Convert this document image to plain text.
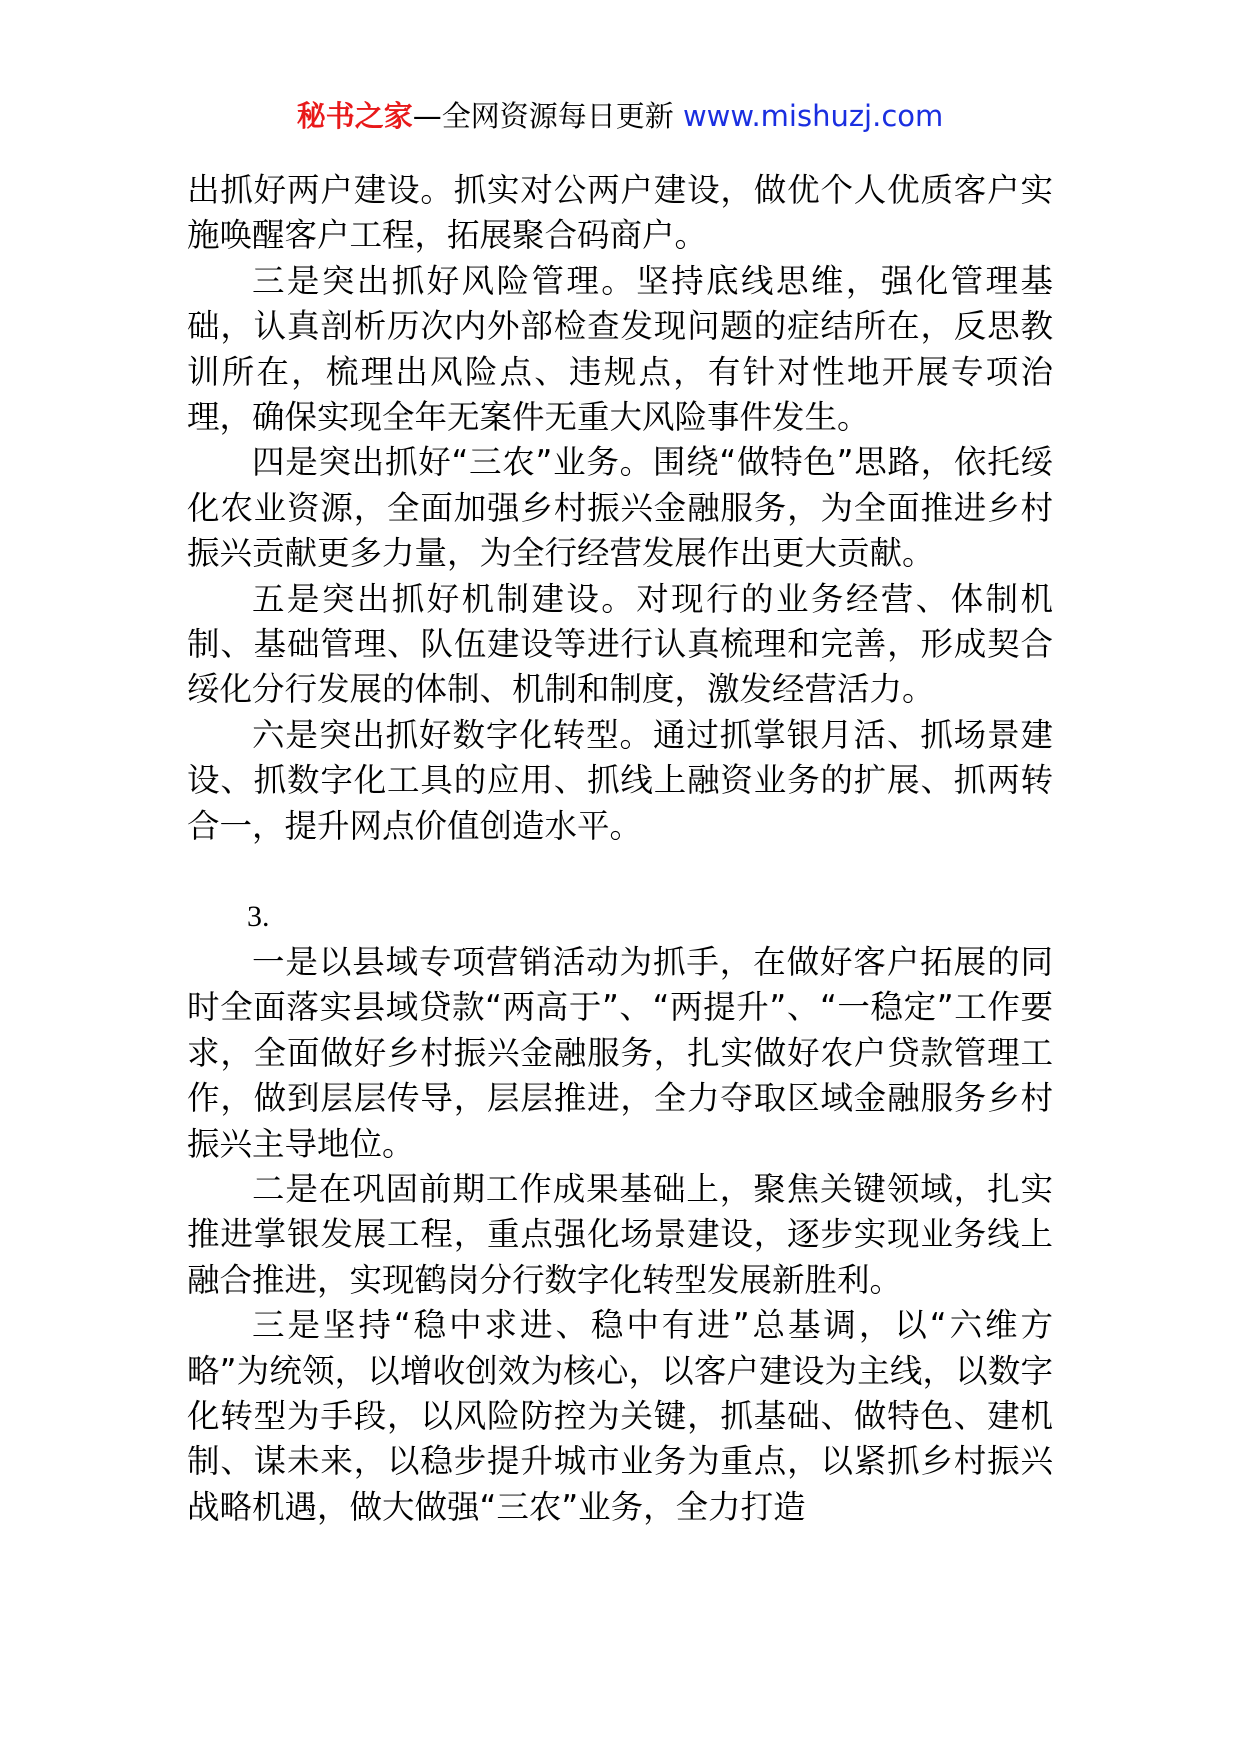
秘书之家—全网资源每日更新 www.mishuzj.com

出抓好两户建设。抓实对公两户建设，做优个人优质客户实施唤醒客户工程，拓展聚合码商户。

三是突出抓好风险管理。坚持底线思维，强化管理基础，认真剖析历次内外部检查发现问题的症结所在，反思教训所在，梳理出风险点、违规点，有针对性地开展专项治理，确保实现全年无案件无重大风险事件发生。

四是突出抓好“三农”业务。围绕“做特色”思路，依托绥化农业资源，全面加强乡村振兴金融服务，为全面推进乡村振兴贡献更多力量，为全行经营发展作出更大贡献。

五是突出抓好机制建设。对现行的业务经营、体制机制、基础管理、队伍建设等进行认真梳理和完善，形成契合绥化分行发展的体制、机制和制度，激发经营活力。

六是突出抓好数字化转型。通过抓掌银月活、抓场景建设、抓数字化工具的应用、抓线上融资业务的扩展、抓两转合一，提升网点价值创造水平。

3.

一是以县域专项营销活动为抓手，在做好客户拓展的同时全面落实县域贷款“两高于”、“两提升”、“一稳定”工作要求，全面做好乡村振兴金融服务，扎实做好农户贷款管理工作，做到层层传导，层层推进，全力夺取区域金融服务乡村振兴主导地位。

二是在巩固前期工作成果基础上，聚焦关键领域，扎实推进掌银发展工程，重点强化场景建设，逐步实现业务线上融合推进，实现鹤岗分行数字化转型发展新胜利。

三是坚持“稳中求进、稳中有进”总基调，以“六维方略”为统领，以增收创效为核心，以客户建设为主线，以数字化转型为手段，以风险防控为关键，抓基础、做特色、建机制、谋未来，以稳步提升城市业务为重点，以紧抓乡村振兴战略机遇，做大做强“三农”业务，全力打造
